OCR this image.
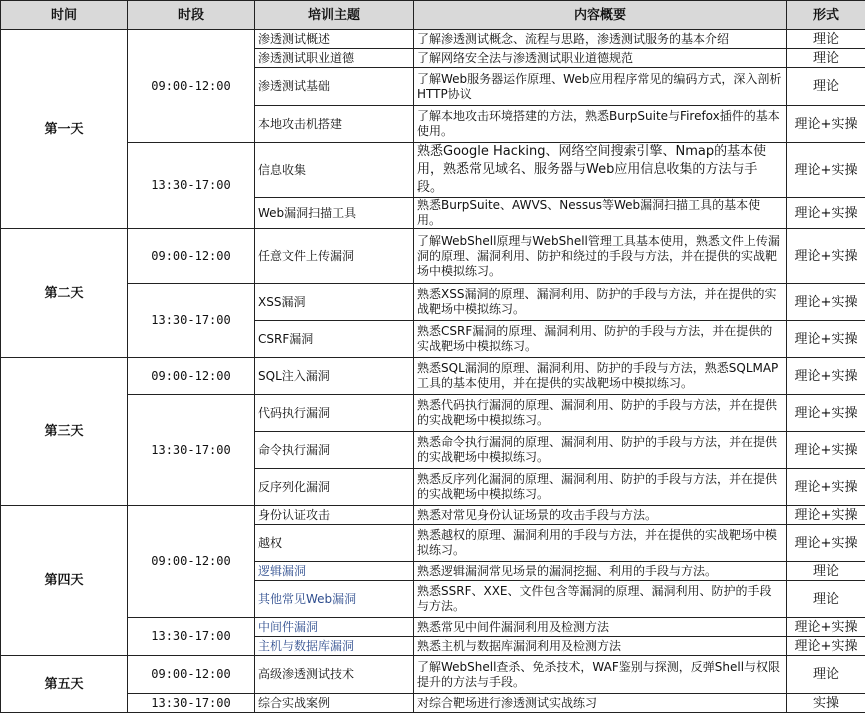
时间	时段	培训主题	内容概要	形式
第一天	09:00-12:00	渗透测试概述	了解渗透测试概念、流程与思路，渗透测试服务的基本介绍	理论
		渗透测试职业道德	了解网络安全法与渗透测试职业道德规范	理论
		渗透测试基础	了解Web服务器运作原理、Web应用程序常见的编码方式，深入剖析HTTP协议	理论
		本地攻击机搭建	了解本地攻击环境搭建的方法，熟悉BurpSuite与Firefox插件的基本使用。	理论+实操
	13:30-17:00	信息收集	熟悉Google Hacking、网络空间搜索引擎、Nmap的基本使用，熟悉常见域名、服务器与Web应用信息收集的方法与手段。	理论+实操
		Web漏洞扫描工具	熟悉BurpSuite、AWVS、Nessus等Web漏洞扫描工具的基本使用。	理论+实操
第二天	09:00-12:00	任意文件上传漏洞	了解WebShell原理与WebShell管理工具基本使用，熟悉文件上传漏洞的原理、漏洞利用、防护和绕过的手段与方法，并在提供的实战靶场中模拟练习。	理论+实操
	13:30-17:00	XSS漏洞	熟悉XSS漏洞的原理、漏洞利用、防护的手段与方法，并在提供的实战靶场中模拟练习。	理论+实操
		CSRF漏洞	熟悉CSRF漏洞的原理、漏洞利用、防护的手段与方法，并在提供的实战靶场中模拟练习。	理论+实操
第三天	09:00-12:00	SQL注入漏洞	熟悉SQL漏洞的原理、漏洞利用、防护的手段与方法，熟悉SQLMAP工具的基本使用，并在提供的实战靶场中模拟练习。	理论+实操
	13:30-17:00	代码执行漏洞	熟悉代码执行漏洞的原理、漏洞利用、防护的手段与方法，并在提供的实战靶场中模拟练习。	理论+实操
		命令执行漏洞	熟悉命令执行漏洞的原理、漏洞利用、防护的手段与方法，并在提供的实战靶场中模拟练习。	理论+实操
		反序列化漏洞	熟悉反序列化漏洞的原理、漏洞利用、防护的手段与方法，并在提供的实战靶场中模拟练习。	理论+实操
第四天	09:00-12:00	身份认证攻击	熟悉对常见身份认证场景的攻击手段与方法。	理论+实操
		越权	熟悉越权的原理、漏洞利用的手段与方法，并在提供的实战靶场中模拟练习。	理论+实操
		逻辑漏洞	熟悉逻辑漏洞常见场景的漏洞挖掘、利用的手段与方法。	理论
		其他常见Web漏洞	熟悉SSRF、XXE、文件包含等漏洞的原理、漏洞利用、防护的手段与方法。	理论
	13:30-17:00	中间件漏洞	熟悉常见中间件漏洞利用及检测方法	理论+实操
		主机与数据库漏洞	熟悉主机与数据库漏洞利用及检测方法	理论+实操
第五天	09:00-12:00	高级渗透测试技术	了解WebShell查杀、免杀技术，WAF鉴别与探测，反弹Shell与权限提升的方法与手段。	理论
	13:30-17:00	综合实战案例	对综合靶场进行渗透测试实战练习	实操
